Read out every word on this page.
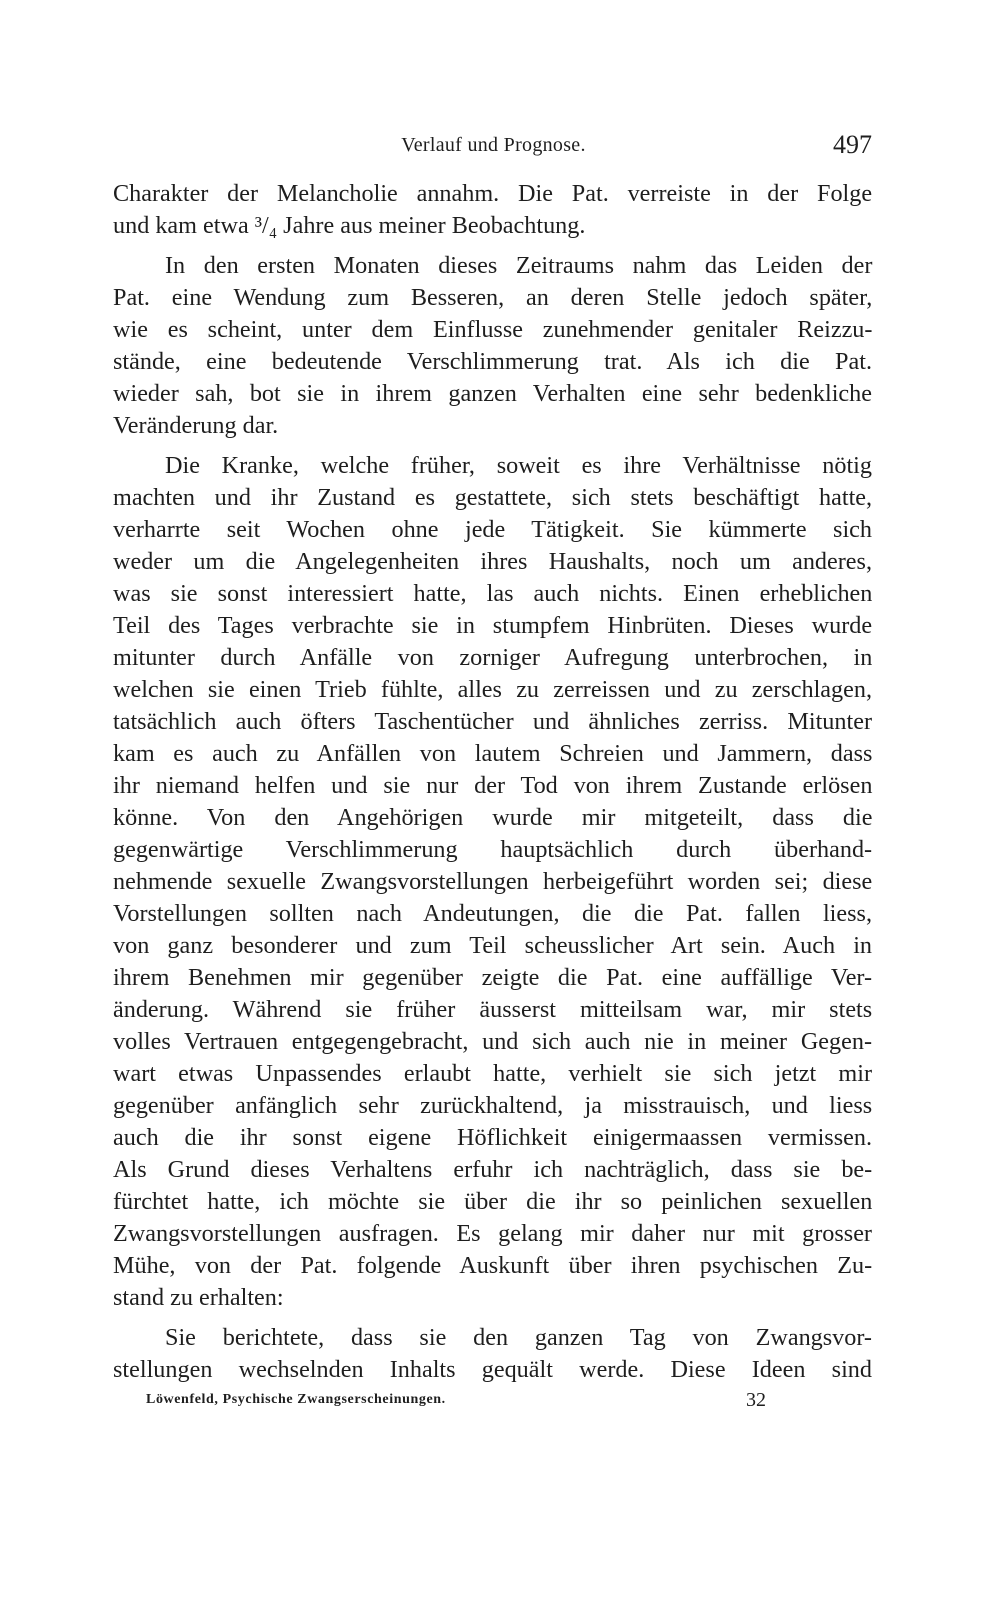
Verlauf und Prognose.	497

Charakter der Melancholie annahm. Die Pat. verreiste in der Folge
und kam etwa ³/₄ Jahre aus meiner Beobachtung.

In den ersten Monaten dieses Zeitraums nahm das Leiden der
Pat. eine Wendung zum Besseren, an deren Stelle jedoch später,
wie es scheint, unter dem Einflusse zunehmender genitaler Reizzu-
stände, eine bedeutende Verschlimmerung trat. Als ich die Pat.
wieder sah, bot sie in ihrem ganzen Verhalten eine sehr bedenkliche
Veränderung dar.

Die Kranke, welche früher, soweit es ihre Verhältnisse nötig
machten und ihr Zustand es gestattete, sich stets beschäftigt hatte,
verharrte seit Wochen ohne jede Tätigkeit. Sie kümmerte sich
weder um die Angelegenheiten ihres Haushalts, noch um anderes,
was sie sonst interessiert hatte, las auch nichts. Einen erheblichen
Teil des Tages verbrachte sie in stumpfem Hinbrüten. Dieses wurde
mitunter durch Anfälle von zorniger Aufregung unterbrochen, in
welchen sie einen Trieb fühlte, alles zu zerreissen und zu zerschlagen,
tatsächlich auch öfters Taschentücher und ähnliches zerriss. Mitunter
kam es auch zu Anfällen von lautem Schreien und Jammern, dass
ihr niemand helfen und sie nur der Tod von ihrem Zustande erlösen
könne. Von den Angehörigen wurde mir mitgeteilt, dass die
gegenwärtige Verschlimmerung hauptsächlich durch überhand-
nehmende sexuelle Zwangsvorstellungen herbeigeführt worden sei; diese
Vorstellungen sollten nach Andeutungen, die die Pat. fallen liess,
von ganz besonderer und zum Teil scheusslicher Art sein. Auch in
ihrem Benehmen mir gegenüber zeigte die Pat. eine auffällige Ver-
änderung. Während sie früher äusserst mitteilsam war, mir stets
volles Vertrauen entgegengebracht, und sich auch nie in meiner Gegen-
wart etwas Unpassendes erlaubt hatte, verhielt sie sich jetzt mir
gegenüber anfänglich sehr zurückhaltend, ja misstrauisch, und liess
auch die ihr sonst eigene Höflichkeit einigermaassen vermissen.
Als Grund dieses Verhaltens erfuhr ich nachträglich, dass sie be-
fürchtet hatte, ich möchte sie über die ihr so peinlichen sexuellen
Zwangsvorstellungen ausfragen. Es gelang mir daher nur mit grosser
Mühe, von der Pat. folgende Auskunft über ihren psychischen Zu-
stand zu erhalten:

Sie berichtete, dass sie den ganzen Tag von Zwangsvor-
stellungen wechselnden Inhalts gequält werde. Diese Ideen sind

Löwenfeld, Psychische Zwangserscheinungen.	32
